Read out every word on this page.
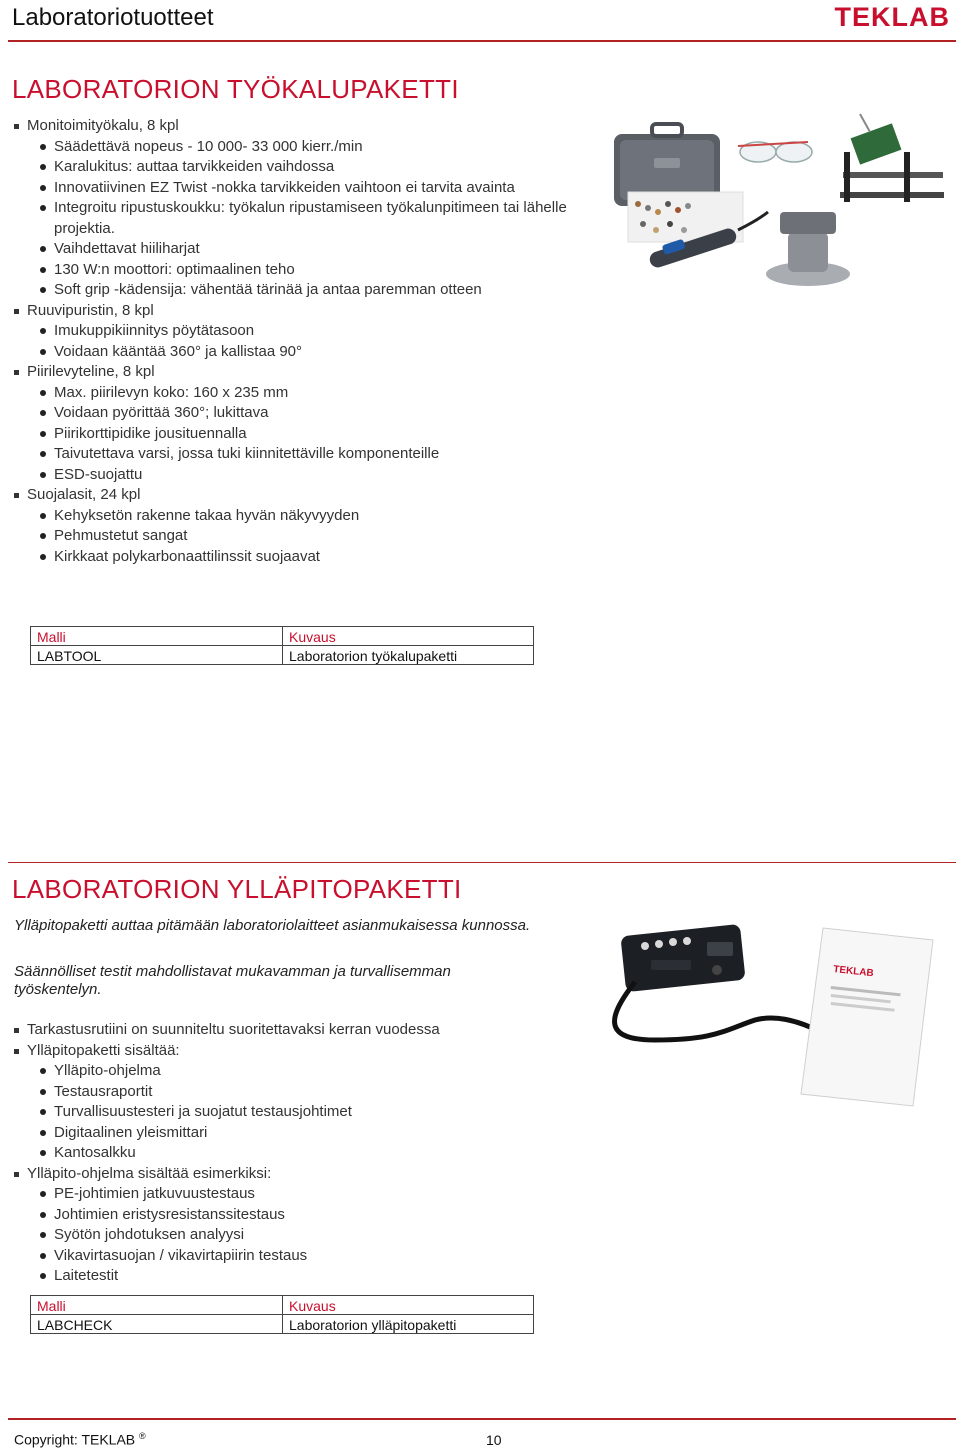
Laboratoriotuotteet	TEKLAB
LABORATORION TYÖKALUPAKETTI
Monitoimityökalu, 8 kpl
Säädettävä nopeus - 10 000- 33 000 kierr./min
Karalukitus: auttaa tarvikkeiden vaihdossa
Innovatiivinen EZ Twist -nokka tarvikkeiden vaihtoon ei tarvita avainta
Integroitu ripustuskoukku: työkalun ripustamiseen työkalunpitimeen tai lähelle projektia.
Vaihdettavat hiiliharjat
130 W:n moottori: optimaalinen teho
Soft grip -kädensija: vähentää tärinää ja antaa paremman otteen
Ruuvipuristin, 8 kpl
Imukuppikiinnitys pöytätasoon
Voidaan kääntää 360° ja kallistaa 90°
Piirilevyteline, 8 kpl
Max. piirilevyn koko: 160 x 235 mm
Voidaan pyörittää 360°; lukittava
Piirikorttipidike jousituennalla
Taivutettava varsi, jossa tuki kiinnitettäville komponenteille
ESD-suojattu
Suojalasit, 24 kpl
Kehyksetön rakenne takaa hyvän näkyvyyden
Pehmustetut sangat
Kirkkaat polykarbonaattilinssit suojaavat
Malli	Kuvaus
LABTOOL	Laboratorion työkalupaketti
LABORATORION YLLÄPITOPAKETTI
Ylläpitopaketti auttaa pitämään laboratoriolaitteet asianmukaisessa kunnossa.
Säännölliset testit mahdollistavat mukavamman ja turvallisemman työskentelyn.
Tarkastusrutiini on suunniteltu suoritettavaksi kerran vuodessa
Ylläpitopaketti sisältää:
Ylläpito-ohjelma
Testausraportit
Turvallisuustesteri ja suojatut testausjohtimet
Digitaalinen yleismittari
Kantosalkku
Ylläpito-ohjelma sisältää esimerkiksi:
PE-johtimien jatkuvuustestaus
Johtimien eristysresistanssitestaus
Syötön johdotuksen analyysi
Vikavirtasuojan / vikavirtapiirin testaus
Laitetestit
TEKLAB
Malli	Kuvaus
LABCHECK	Laboratorion ylläpitopaketti
Copyright: TEKLAB ®	10
